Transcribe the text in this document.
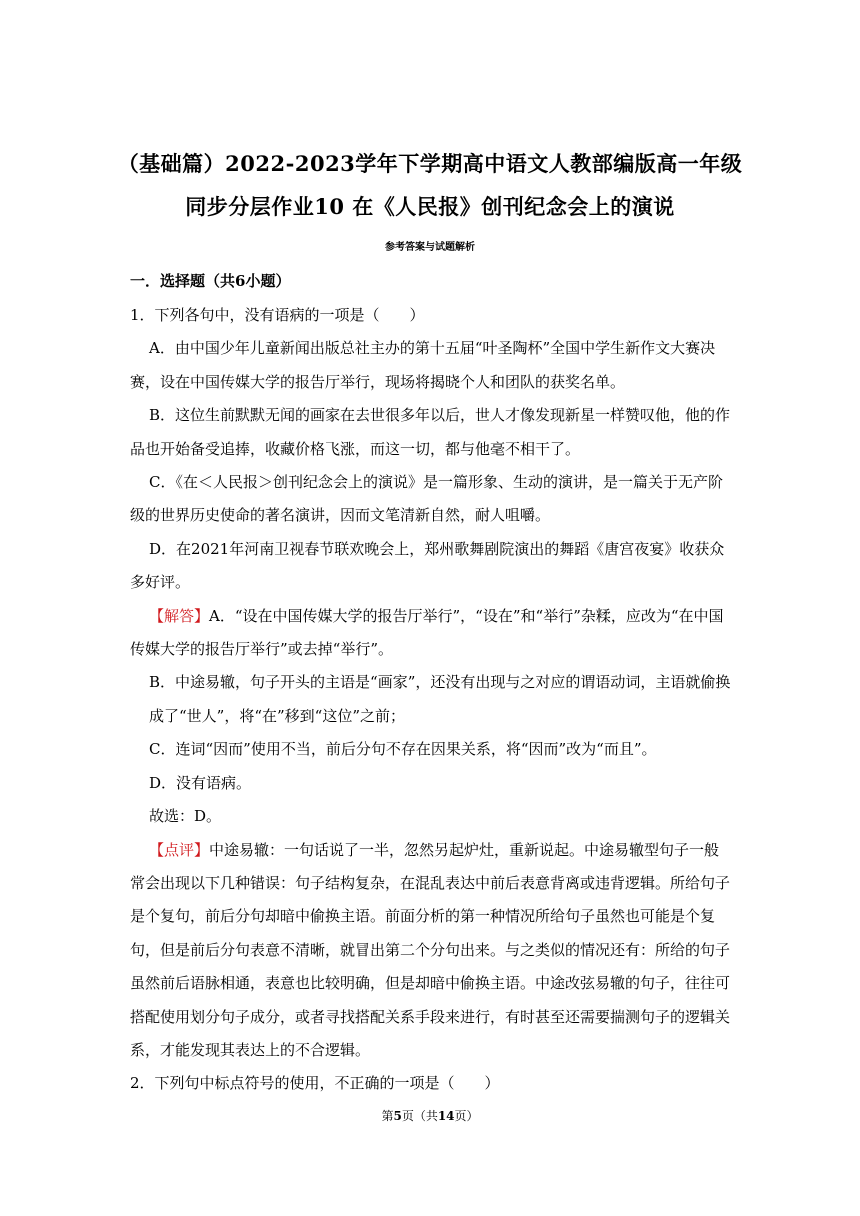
（基础篇）2022-2023学年下学期高中语文人教部编版高一年级
同步分层作业10 在《人民报》创刊纪念会上的演说
参考答案与试题解析
一．选择题（共6小题）

1．下列各句中，没有语病的一项是（　　）

A．由中国少年儿童新闻出版总社主办的第十五届“叶圣陶杯”全国中学生新作文大赛决赛，设在中国传媒大学的报告厅举行，现场将揭晓个人和团队的获奖名单。

B．这位生前默默无闻的画家在去世很多年以后，世人才像发现新星一样赞叹他，他的作品也开始备受追捧，收藏价格飞涨，而这一切，都与他毫不相干了。

C．《在＜人民报＞创刊纪念会上的演说》是一篇形象、生动的演讲，是一篇关于无产阶级的世界历史使命的著名演讲，因而文笔清新自然，耐人咀嚼。

D．在2021年河南卫视春节联欢晚会上，郑州歌舞剧院演出的舞蹈《唐宫夜宴》收获众多好评。

【解答】A．“设在中国传媒大学的报告厅举行”，“设在”和“举行”杂糅，应改为“在中国传媒大学的报告厅举行”或去掉“举行”。

B．中途易辙，句子开头的主语是“画家”，还没有出现与之对应的谓语动词，主语就偷换成了“世人”，将“在”移到“这位”之前；

C．连词“因而”使用不当，前后分句不存在因果关系，将“因而”改为“而且”。

D．没有语病。

故选：D。

【点评】中途易辙：一句话说了一半，忽然另起炉灶，重新说起。中途易辙型句子一般常会出现以下几种错误：句子结构复杂，在混乱表达中前后表意背离或违背逻辑。所给句子是个复句，前后分句却暗中偷换主语。前面分析的第一种情况所给句子虽然也可能是个复句，但是前后分句表意不清晰，就冒出第二个分句出来。与之类似的情况还有：所给的句子虽然前后语脉相通，表意也比较明确，但是却暗中偷换主语。中途改弦易辙的句子，往往可搭配使用划分句子成分，或者寻找搭配关系手段来进行，有时甚至还需要揣测句子的逻辑关系，才能发现其表达上的不合逻辑。

2．下列句中标点符号的使用，不正确的一项是（　　）

第5页（共14页）
